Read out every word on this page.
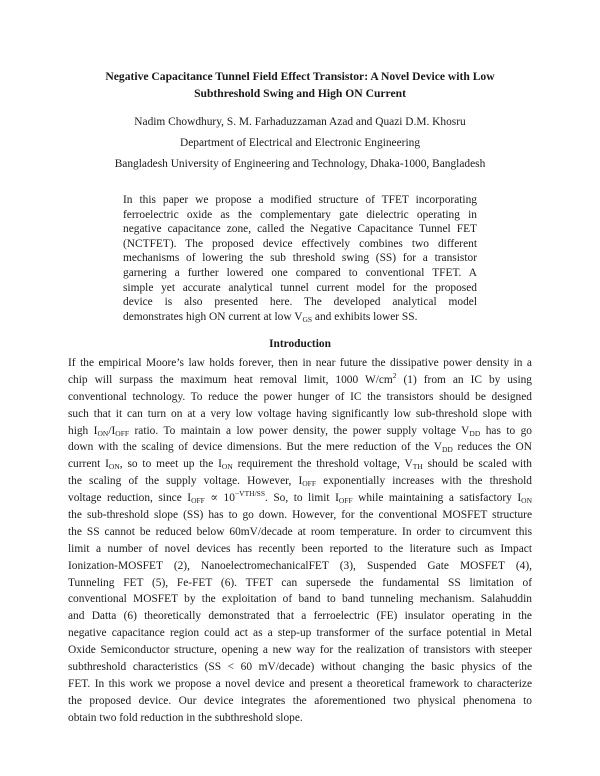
Negative Capacitance Tunnel Field Effect Transistor: A Novel Device with Low
Subthreshold Swing and High ON Current

Nadim Chowdhury, S. M. Farhaduzzaman Azad and Quazi D.M. Khosru

Department of Electrical and Electronic Engineering

Bangladesh University of Engineering and Technology, Dhaka-1000, Bangladesh

In this paper we propose a modified structure of TFET incorporating
ferroelectric oxide as the complementary gate dielectric operating in
negative capacitance zone, called the Negative Capacitance Tunnel FET
(NCTFET). The proposed device effectively combines two different
mechanisms of lowering the sub threshold swing (SS) for a transistor
garnering a further lowered one compared to conventional TFET. A
simple yet accurate analytical tunnel current model for the proposed
device is also presented here. The developed analytical model
demonstrates high ON current at low $V_{GS}$ and exhibits lower SS.
Introduction
If the empirical Moore’s law holds forever, then in near future the dissipative power density in a
chip will surpass the maximum heat removal limit, 1000 $W/cm^2$ (1) from an IC by using
conventional technology. To reduce the power hunger of IC the transistors should be designed
such that it can turn on at a very low voltage having significantly low sub-threshold slope with
high $I_{ON}/I_{OFF}$ ratio. To maintain a low power density, the power supply voltage $V_{DD}$ has to go
down with the scaling of device dimensions. But the mere reduction of the $V_{DD}$ reduces the ON
current $I_{ON}$, so to meet up the $I_{ON}$ requirement the threshold voltage, $V_{TH}$ should be scaled with
the scaling of the supply voltage. However, $I_{OFF}$ exponentially increases with the threshold
voltage reduction, since $I_{OFF} \propto 10^{-VTH/SS}$. So, to limit $I_{OFF}$ while maintaining a satisfactory $I_{ON}$
the sub-threshold slope (SS) has to go down. However, for the conventional MOSFET structure
the SS cannot be reduced below 60mV/decade at room temperature. In order to circumvent this
limit a number of novel devices has recently been reported to the literature such as Impact
Ionization-MOSFET (2), NanoelectromechanicalFET (3), Suspended Gate MOSFET (4),
Tunneling FET (5), Fe-FET (6). TFET can supersede the fundamental SS limitation of
conventional MOSFET by the exploitation of band to band tunneling mechanism. Salahuddin
and Datta (6) theoretically demonstrated that a ferroelectric (FE) insulator operating in the
negative capacitance region could act as a step-up transformer of the surface potential in Metal
Oxide Semiconductor structure, opening a new way for the realization of transistors with steeper
subthreshold characteristics (SS < 60 mV/decade) without changing the basic physics of the
FET. In this work we propose a novel device and present a theoretical framework to characterize
the proposed device. Our device integrates the aforementioned two physical phenomena to
obtain two fold reduction in the subthreshold slope.
